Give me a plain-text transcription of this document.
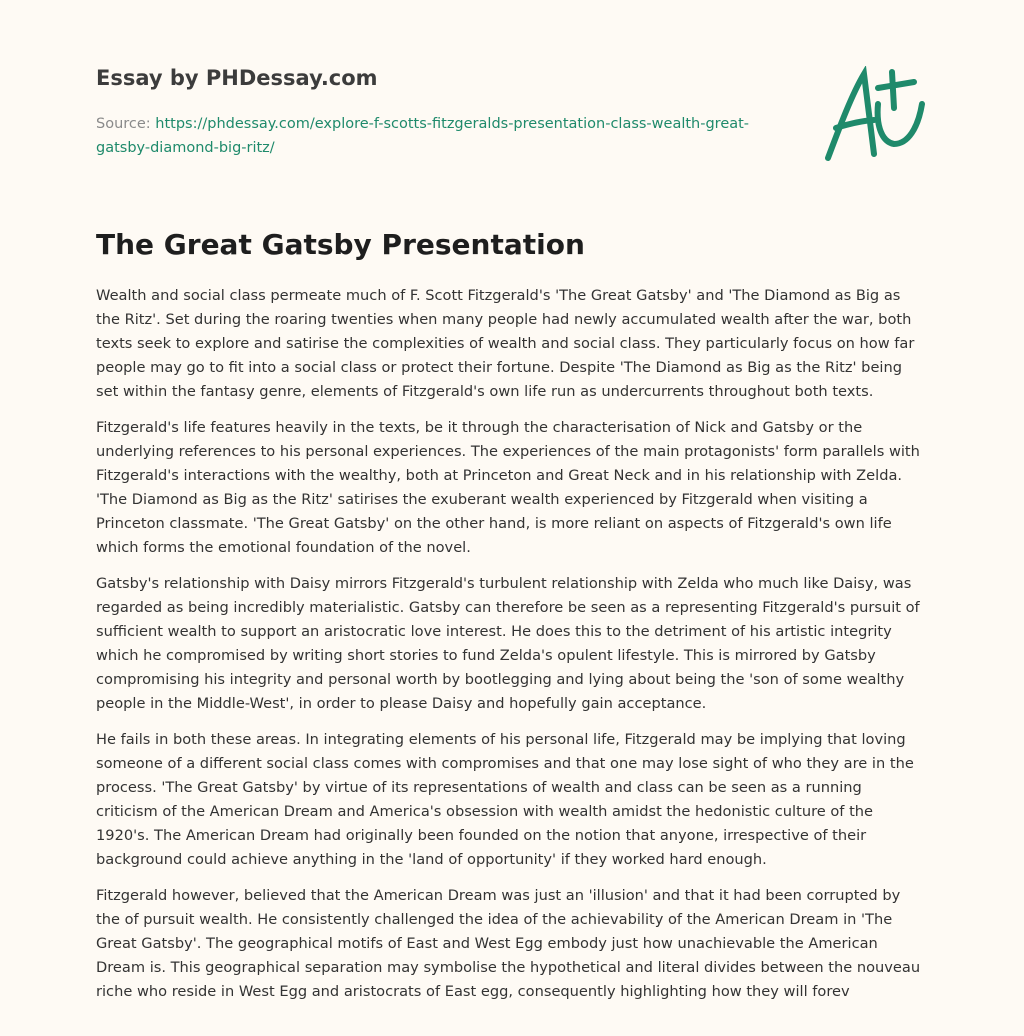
Essay by PHDessay.com
Source: https://phdessay.com/explore-f-scotts-fitzgeralds-presentation-class-wealth-great-gatsby-diamond-big-ritz/
The Great Gatsby Presentation

Wealth and social class permeate much of F. Scott Fitzgerald's 'The Great Gatsby' and 'The Diamond as Big as the Ritz'. Set during the roaring twenties when many people had newly accumulated wealth after the war, both texts seek to explore and satirise the complexities of wealth and social class. They particularly focus on how far people may go to fit into a social class or protect their fortune. Despite 'The Diamond as Big as the Ritz' being set within the fantasy genre, elements of Fitzgerald's own life run as undercurrents throughout both texts.

Fitzgerald's life features heavily in the texts, be it through the characterisation of Nick and Gatsby or the underlying references to his personal experiences. The experiences of the main protagonists' form parallels with Fitzgerald's interactions with the wealthy, both at Princeton and Great Neck and in his relationship with Zelda. 'The Diamond as Big as the Ritz' satirises the exuberant wealth experienced by Fitzgerald when visiting a Princeton classmate. 'The Great Gatsby' on the other hand, is more reliant on aspects of Fitzgerald's own life which forms the emotional foundation of the novel.

Gatsby's relationship with Daisy mirrors Fitzgerald's turbulent relationship with Zelda who much like Daisy, was regarded as being incredibly materialistic. Gatsby can therefore be seen as a representing Fitzgerald's pursuit of sufficient wealth to support an aristocratic love interest. He does this to the detriment of his artistic integrity which he compromised by writing short stories to fund Zelda's opulent lifestyle. This is mirrored by Gatsby compromising his integrity and personal worth by bootlegging and lying about being the 'son of some wealthy people in the Middle-West', in order to please Daisy and hopefully gain acceptance.

He fails in both these areas. In integrating elements of his personal life, Fitzgerald may be implying that loving someone of a different social class comes with compromises and that one may lose sight of who they are in the process. 'The Great Gatsby' by virtue of its representations of wealth and class can be seen as a running criticism of the American Dream and America's obsession with wealth amidst the hedonistic culture of the 1920's. The American Dream had originally been founded on the notion that anyone, irrespective of their background could achieve anything in the 'land of opportunity' if they worked hard enough.

Fitzgerald however, believed that the American Dream was just an 'illusion' and that it had been corrupted by the of pursuit wealth. He consistently challenged the idea of the achievability of the American Dream in 'The Great Gatsby'. The geographical motifs of East and West Egg embody just how unachievable the American Dream is. This geographical separation may symbolise the hypothetical and literal divides between the nouveau riche who reside in West Egg and aristocrats of East egg, consequently highlighting how they will forev
